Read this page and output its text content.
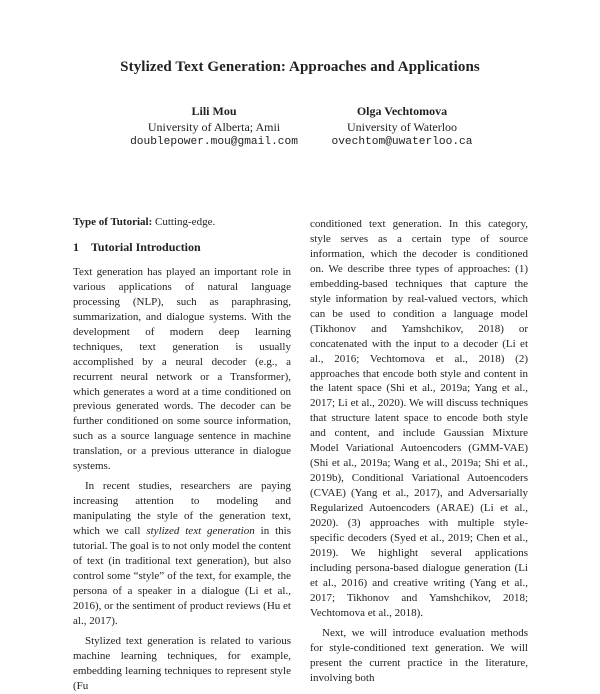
Stylized Text Generation: Approaches and Applications
Lili Mou
University of Alberta; Amii
doublepower.mou@gmail.com
Olga Vechtomova
University of Waterloo
ovechtom@uwaterloo.ca
Type of Tutorial: Cutting-edge.
1 Tutorial Introduction

Text generation has played an important role in various applications of natural language processing (NLP), such as paraphrasing, summarization, and dialogue systems. With the development of modern deep learning techniques, text generation is usually accomplished by a neural decoder (e.g., a recurrent neural network or a Transformer), which generates a word at a time conditioned on previous generated words. The decoder can be further conditioned on some source information, such as a source language sentence in machine translation, or a previous utterance in dialogue systems.

In recent studies, researchers are paying increasing attention to modeling and manipulating the style of the generation text, which we call stylized text generation in this tutorial. The goal is to not only model the content of text (in traditional text generation), but also control some “style” of the text, for example, the persona of a speaker in a dialogue (Li et al., 2016), or the sentiment of product reviews (Hu et al., 2017).

Stylized text generation is related to various machine learning techniques, for example, embedding learning techniques to represent style (Fu

conditioned text generation. In this category, style serves as a certain type of source information, which the decoder is conditioned on. We describe three types of approaches: (1) embedding-based techniques that capture the style information by real-valued vectors, which can be used to condition a language model (Tikhonov and Yamshchikov, 2018) or concatenated with the input to a decoder (Li et al., 2016; Vechtomova et al., 2018) (2) approaches that encode both style and content in the latent space (Shi et al., 2019a; Yang et al., 2017; Li et al., 2020). We will discuss techniques that structure latent space to encode both style and content, and include Gaussian Mixture Model Variational Autoencoders (GMM-VAE) (Shi et al., 2019a; Wang et al., 2019a; Shi et al., 2019b), Conditional Variational Autoencoders (CVAE) (Yang et al., 2017), and Adversarially Regularized Autoencoders (ARAE) (Li et al., 2020). (3) approaches with multiple style-specific decoders (Syed et al., 2019; Chen et al., 2019). We highlight several applications including persona-based dialogue generation (Li et al., 2016) and creative writing (Yang et al., 2017; Tikhonov and Yamshchikov, 2018; Vechtomova et al., 2018).

Next, we will introduce evaluation methods for style-conditioned text generation. We will present the current practice in the literature, involving both
